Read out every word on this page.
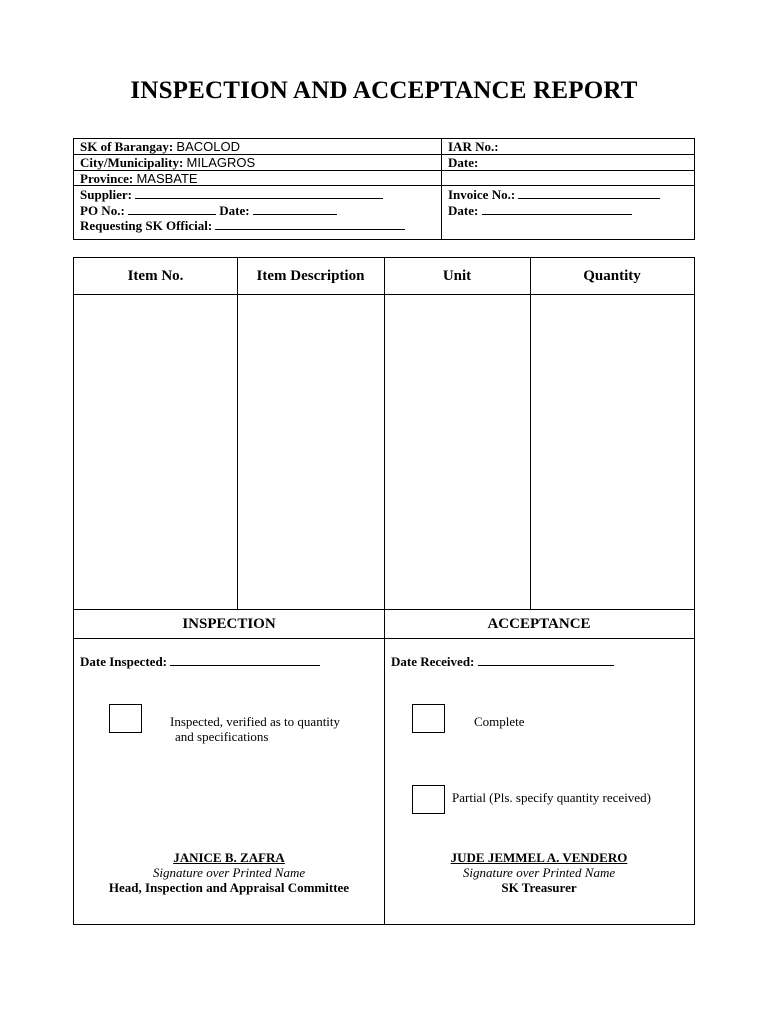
INSPECTION AND ACCEPTANCE REPORT
SK of Barangay: BACOLOD
City/Municipality: MILAGROS
Province: MASBATE
Supplier:
PO No.:	Date:
Requesting SK Official:
IAR No.:
Date:
Invoice No.:
Date:
Item No.	Item Description	Unit	Quantity
INSPECTION	ACCEPTANCE
Date Inspected:
Inspected, verified as to quantity
and specifications
JANICE B. ZAFRA
Signature over Printed Name
Head, Inspection and Appraisal Committee
Date Received:
Complete
Partial (Pls. specify quantity received)
JUDE JEMMEL A. VENDERO
Signature over Printed Name
SK Treasurer
